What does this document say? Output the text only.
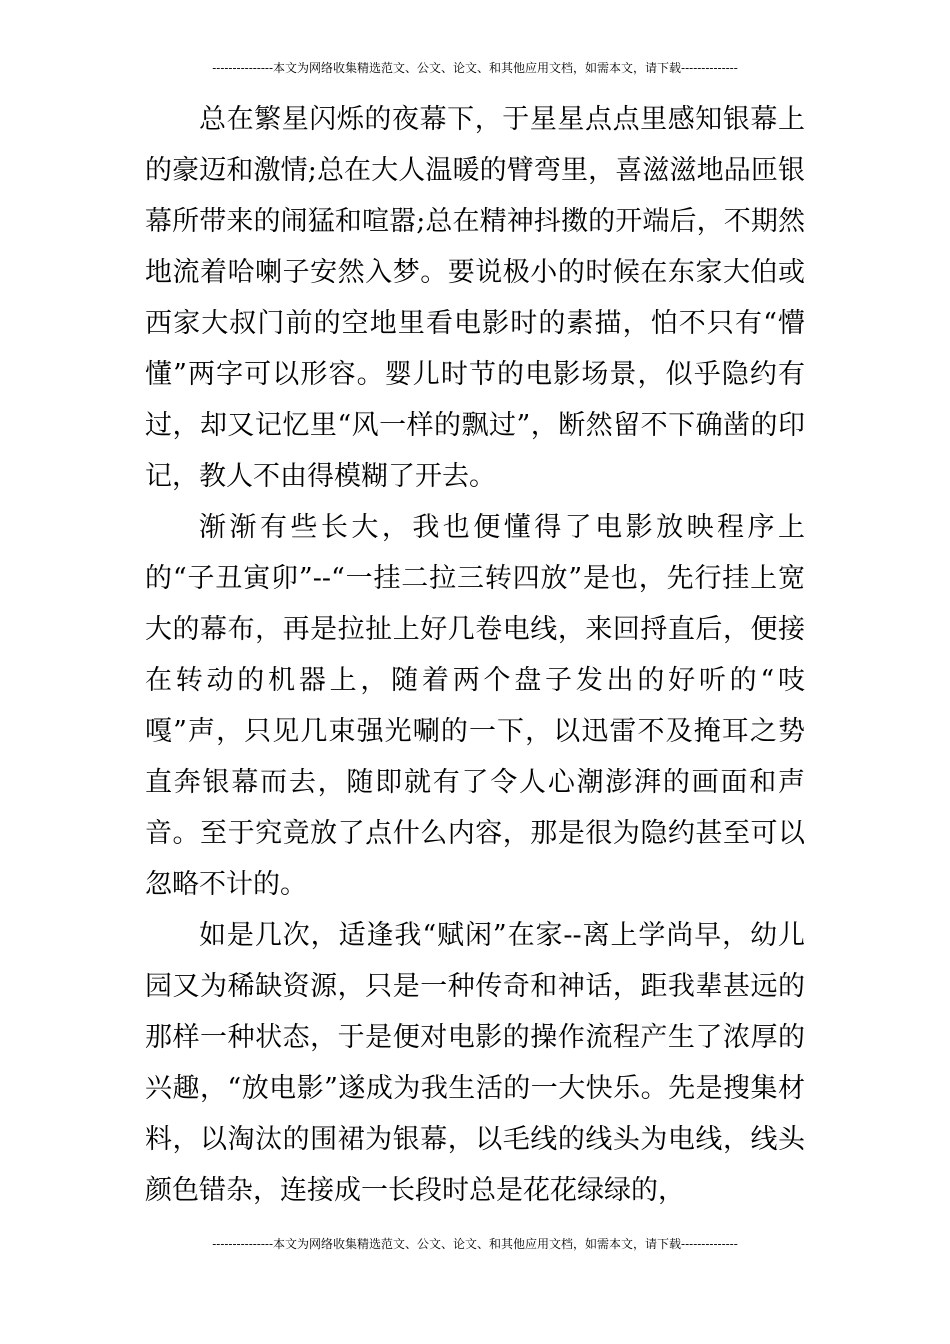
---------------本文为网络收集精选范文、公文、论文、和其他应用文档，如需本文，请下载--------------

总在繁星闪烁的夜幕下，于星星点点里感知银幕上的豪迈和激情;总在大人温暖的臂弯里，喜滋滋地品匝银幕所带来的闹猛和喧嚣;总在精神抖擞的开端后，不期然地流着哈喇子安然入梦。要说极小的时候在东家大伯或西家大叔门前的空地里看电影时的素描，怕不只有“懵懂”两字可以形容。婴儿时节的电影场景，似乎隐约有过，却又记忆里“风一样的飘过”，断然留不下确凿的印记，教人不由得模糊了开去。

渐渐有些长大，我也便懂得了电影放映程序上的“子丑寅卯”--“一挂二拉三转四放”是也，先行挂上宽大的幕布，再是拉扯上好几卷电线，来回捋直后，便接在转动的机器上，随着两个盘子发出的好听的“吱嘎”声，只见几束强光唰的一下，以迅雷不及掩耳之势直奔银幕而去，随即就有了令人心潮澎湃的画面和声音。至于究竟放了点什么内容，那是很为隐约甚至可以忽略不计的。

如是几次，适逢我“赋闲”在家--离上学尚早，幼儿园又为稀缺资源，只是一种传奇和神话，距我辈甚远的那样一种状态，于是便对电影的操作流程产生了浓厚的兴趣，“放电影”遂成为我生活的一大快乐。先是搜集材料，以淘汰的围裙为银幕，以毛线的线头为电线，线头颜色错杂，连接成一长段时总是花花绿绿的，

---------------本文为网络收集精选范文、公文、论文、和其他应用文档，如需本文，请下载--------------
